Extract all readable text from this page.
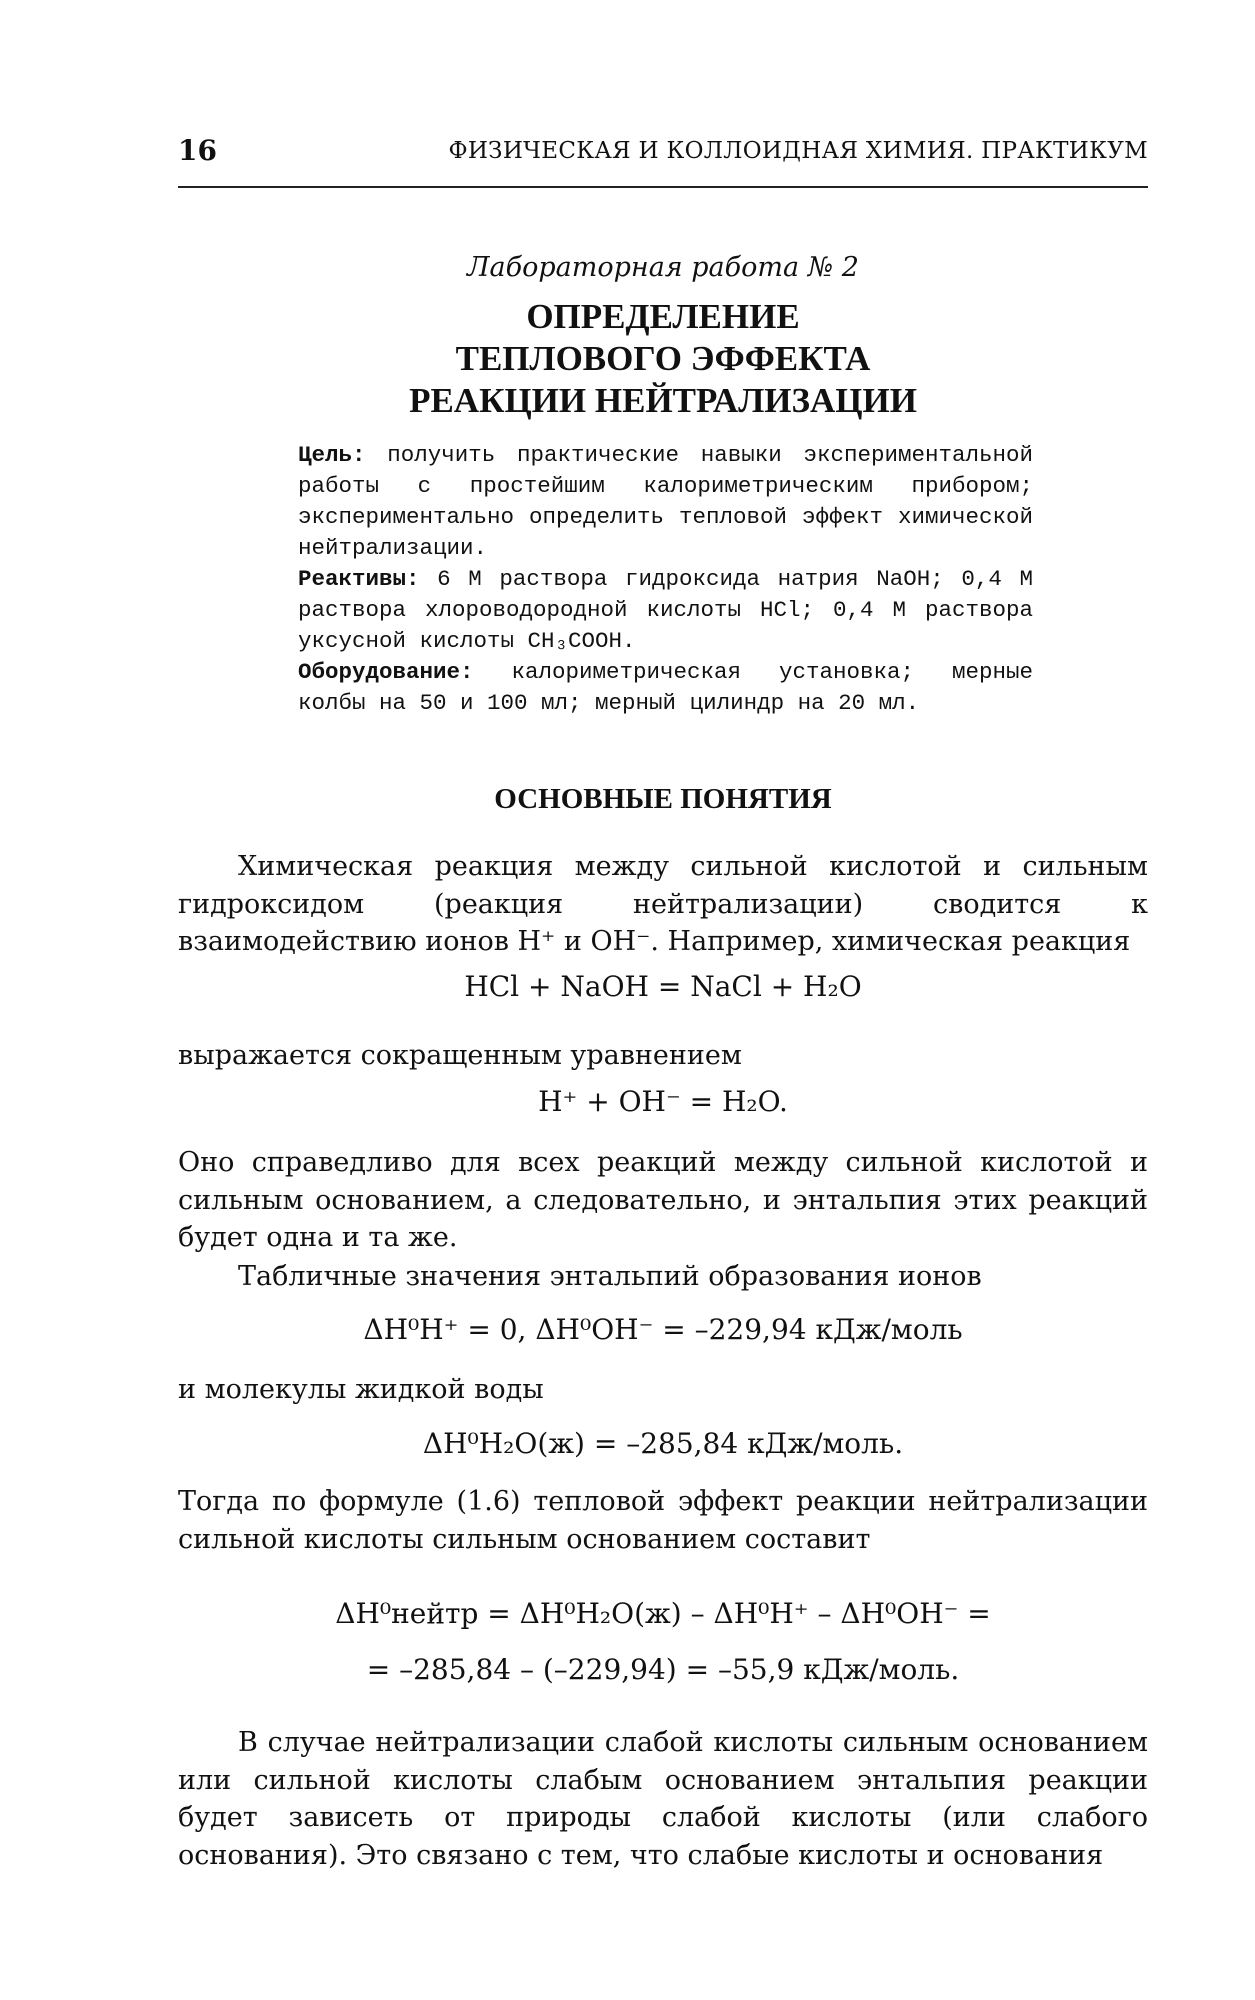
16	ФИЗИЧЕСКАЯ И КОЛЛОИДНАЯ ХИМИЯ. ПРАКТИКУМ
Лабораторная работа № 2
ОПРЕДЕЛЕНИЕ
ТЕПЛОВОГО ЭФФЕКТА
РЕАКЦИИ НЕЙТРАЛИЗАЦИИ

Цель: получить практические навыки экспериментальной работы с простейшим калориметрическим прибором; экспериментально определить тепловой эффект химической нейтрализации.

Реактивы: 6 М раствора гидроксида натрия NaOH; 0,4 М раствора хлороводородной кислоты HCl; 0,4 М раствора уксусной кислоты CH₃COOH.

Оборудование: калориметрическая установка; мерные колбы на 50 и 100 мл; мерный цилиндр на 20 мл.

ОСНОВНЫЕ ПОНЯТИЯ

Химическая реакция между сильной кислотой и сильным гидроксидом (реакция нейтрализации) сводится к взаимодействию ионов H⁺ и OH⁻. Например, химическая реакция

HCl + NaOH = NaCl + H₂O

выражается сокращенным уравнением

H⁺ + OH⁻ = H₂O.

Оно справедливо для всех реакций между сильной кислотой и сильным основанием, а следовательно, и энтальпия этих реакций будет одна и та же.

Табличные значения энтальпий образования ионов

ΔH⁰H⁺ = 0, ΔH⁰OH⁻ = –229,94 кДж/моль

и молекулы жидкой воды

ΔH⁰H₂O(ж) = –285,84 кДж/моль.

Тогда по формуле (1.6) тепловой эффект реакции нейтрализации сильной кислоты сильным основанием составит

ΔH⁰нейтр = ΔH⁰H₂O(ж) – ΔH⁰H⁺ – ΔH⁰OH⁻ =
= –285,84 – (–229,94) = –55,9 кДж/моль.

В случае нейтрализации слабой кислоты сильным основанием или сильной кислоты слабым основанием энтальпия реакции будет зависеть от природы слабой кислоты (или слабого основания). Это связано с тем, что слабые кислоты и основания
